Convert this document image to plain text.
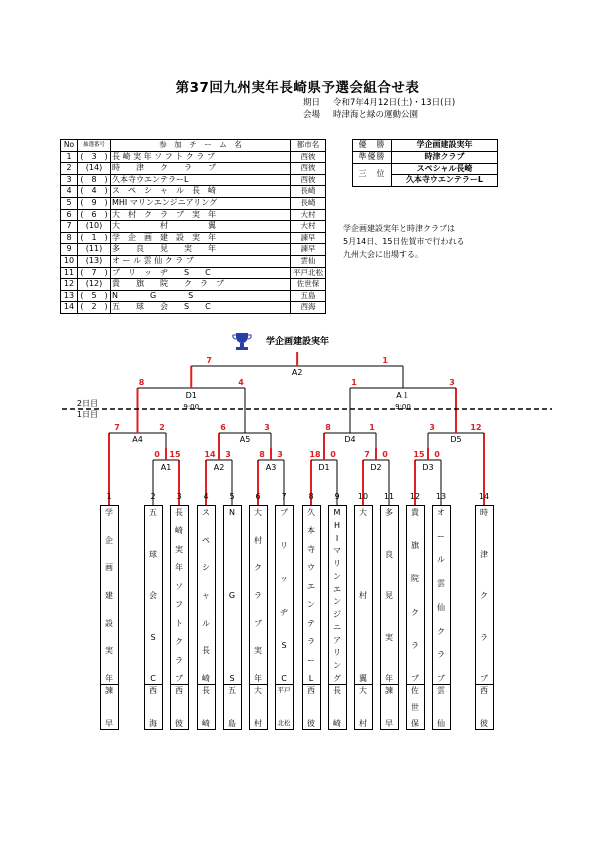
第37回九州実年長崎県予選会組合せ表
期日 令和7年4月12日(土)・13日(日)
会場 時津海と緑の運動公園
No	抽選番号	参　加　チ　ー　ム　名	都市名
1	(　3　)	長 崎 実 年 ソ フ ト ク ラ ブ	西彼
2	(14)	時　　津　　ク　　ラ　　ブ	西彼
3	(　8　)	久本寺ウエンテラーL	西彼
4	(　4　)	ス　ペ　シ　ャ　ル　長　崎	長崎
5	(　9　)	MHI マリンエンジニアリング	長崎
6	(　6　)	大　村　ク　ラ　ブ　実　年	大村
7	(10)	大　　　　　村　　　　　翼	大村
8	(　1　)	学　企　画　建　設　実　年	諫早
9	(11)	多　　良　　見　　実　　年	諫早
10	(13)	オ ー ル 雲 仙 ク ラ ブ	雲仙
11	(　7　)	ブ　リ　ッ　ヂ　　S　　C	平戸北松
12	(12)	貴　　旗　　院　　ク　ラ　ブ	佐世保
13	(　5　)	N　　　　G　　　　S	五島
14	(　2　)	五　　球　　会　　S　　C	西海
優　勝	学企画建設実年
準優勝	時津クラブ
三　位	スペシャル長崎
	久本寺ウエンテラーL
学企画建設実年と時津クラブは
5月14日、15日佐賀市で行われる
九州大会に出場する。
A1
0 15
A2
14 3
A3
8 3
D1
18 0
D2
7 0
D3
15 0
A4
7	2
A5
6	3
D4
8	1
D5
3	12
D1
9:00
8	4
A１
9:00
1	3
A2
7	1
2日目
1日目
学企画建設実年
1
学
企
画
建
設
実
年
諫
早
2
五
球
会
S
C
西
海
3
長
崎
実
年
ソ
フ
ト
ク
ラ
ブ
西
彼
4
ス
ペ
シ
ャ
ル
長
崎
長
崎
5
N
G
S
五
島
6
大
村
ク
ラ
ブ
実
年
大
村
7
ブ
リ
ッ
ヂ
S
C
平戸
北松
8
久
本
寺
ウ
エ
ン
テ
ラ
ー
L
西
彼
9
M
H
I
マ
リ
ン
エ
ン
ジ
ニ
ア
リ
ン
グ
長
崎
10
大
村
翼
大
村
11
多
良
見
実
年
諫
早
12
貴
旗
院
ク
ラ
ブ
佐
世
保
13
オ
ー
ル
雲
仙
ク
ラ
ブ
雲
仙
14
時
津
ク
ラ
ブ
西
彼
